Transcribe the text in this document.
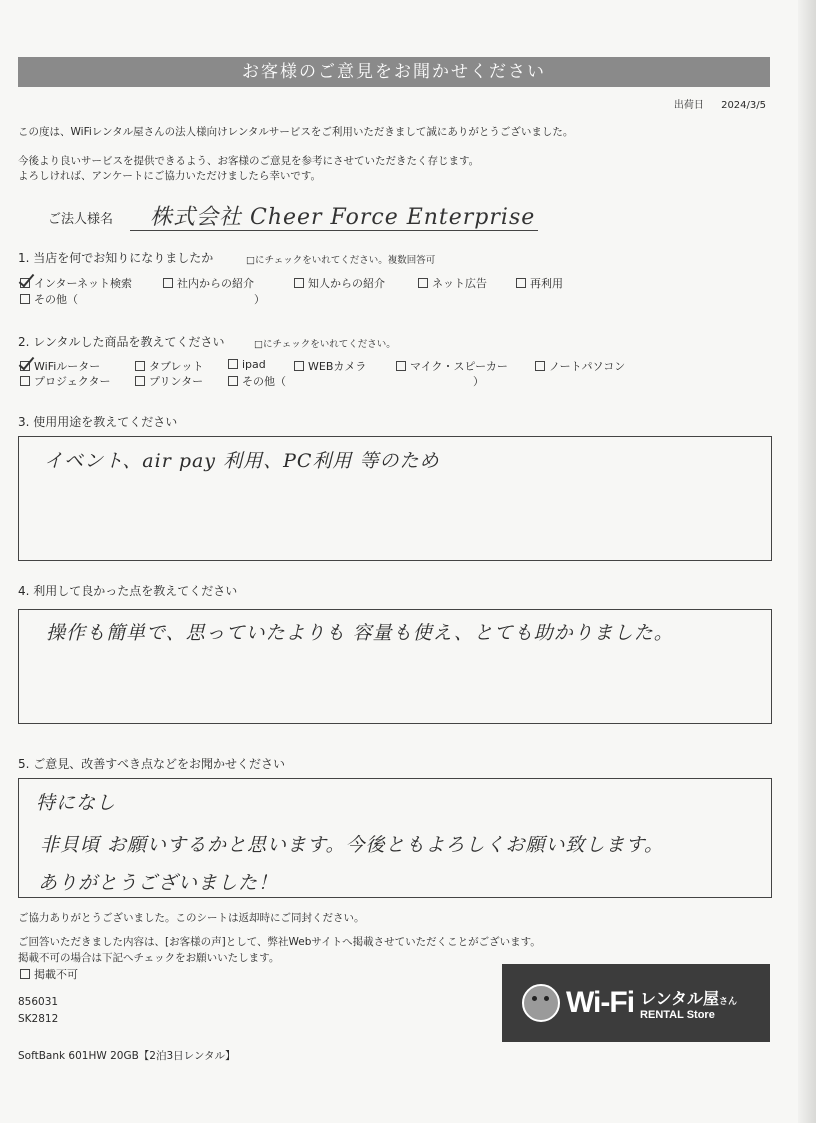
お客様のご意見をお聞かせください
出荷日 2024/3/5
この度は、WiFiレンタル屋さんの法人様向けレンタルサービスをご利用いただきまして誠にありがとうございました。
今後より良いサービスを提供できるよう、お客様のご意見を参考にさせていただきたく存じます。
よろしければ、アンケートにご協力いただけましたら幸いです。
ご法人様名 株式会社 Cheer Force Enterprise
1. 当店を何でお知りになりましたか	□にチェックをいれてください。複数回答可
インターネット検索	社内からの紹介	知人からの紹介	ネット広告	再利用
その他（　　　　　　　　　　　　　　　　）
2. レンタルした商品を教えてください	□にチェックをいれてください。
WiFiルーター	タブレット	ipad	WEBカメラ	マイク・スピーカー	ノートパソコン
プロジェクター	プリンター	その他（　　　　　　　　　　　　　　　　　）
3. 使用用途を教えてください
イベント、air pay 利用、PC利用 等のため
4. 利用して良かった点を教えてください
操作も簡単で、思っていたよりも 容量も使え、とても助かりました。
5. ご意見、改善すべき点などをお聞かせください
特になし
非貝頃 お願いするかと思います。今後ともよろしくお願い致します。
ありがとうございました！
ご協力ありがとうございました。このシートは返却時にご同封ください。
ご回答いただきました内容は、[お客様の声]として、弊社Webサイトへ掲載させていただくことがございます。
掲載不可の場合は下記へチェックをお願いいたします。
掲載不可
856031
SK2812
SoftBank 601HW 20GB【2泊3日レンタル】
Wi-Fi レンタル屋さん
RENTAL Store
